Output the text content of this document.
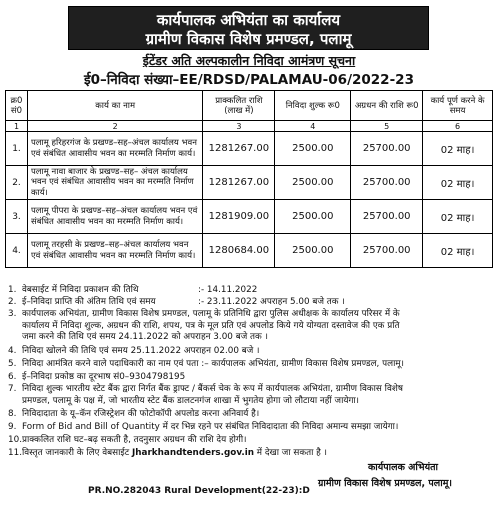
कार्यपालक अभियंता का कार्यालय
ग्रामीण विकास विशेष प्रमण्डल, पलामू
ईटेंडर अति अल्पकालीन निविदा आमंत्रण सूचना
ई0–निविदा संख्या–EE/RDSD/PALAMAU-06/2022-23
क्र0 सं0	कार्य का नाम	प्राक्कलित राशि (लाख में)	निविदा शुल्क रू0	अग्रधन की राशि रू0	कार्य पूर्ण करने के समय
1	2	3	4	5	6
1.	पलामू हरिहरगंज के प्रखण्ड–सह–अंचल कार्यालय भवन एवं संबंधित आवासीय भवन का मरम्मति निर्माण कार्य।	1281267.00	2500.00	25700.00	02 माह।
2.	पलामू नावा बाजार के प्रखण्ड–सह– अंचल कार्यालय भवन एवं संबंधित आवासीय भवन का मरम्मति निर्माण कार्य।	1281267.00	2500.00	25700.00	02 माह।
3.	पलामू पीपरा के प्रखण्ड–सह–अंचल कार्यालय भवन एवं संबंधित आवासीय भवन का मरम्मति निर्माण कार्य।	1281909.00	2500.00	25700.00	02 माह।
4.	पलामू तरहसी के प्रखण्ड–सह–अंचल कार्यालय भवन एवं संबंधित आवासीय भवन का मरम्मति निर्माण कार्य।	1280684.00	2500.00	25700.00	02 माह।
1. वेबसाईट में निविदा प्रकाशन की तिथि	:- 14.11.2022
2. ई–निविदा प्राप्ति की अंतिम तिथि एवं समय	:- 23.11.2022 अपराहन 5.00 बजे तक ।
3. कार्यपालक अभियंता, ग्रामीण विकास विशेष प्रमण्डल, पलामू के प्रतिनिधि द्वारा पुलिस अधीक्षक के कार्यालय परिसर में के
कार्यालय में निविदा शुल्क, अग्रधन की राशि, शपथ, पत्र के मूल प्रति एवं अपलोड किये गये योग्यता दस्तावेज की एक प्रति
जमा करने की तिथि एवं समय 24.11.2022 को अपराहन 3.00 बजे तक ।
4. निविदा खोलने की तिथि एवं समय 25.11.2022 अपराहन 02.00 बजे ।
5. निविदा आमंत्रित करने वाले पदाधिकारी का नाम एवं पता :– कार्यपालक अभियंता, ग्रामीण विकास विशेष प्रमण्डल, पलामू।
6. ई–निविदा प्रकोष्ठ का दूरभाष सं0–9304798195
7. निविदा शुल्क भारतीय स्टेट बैंक द्वारा निर्गत बैंक ड्राफ्ट / बैंकर्स चेक के रूप में कार्यपालक अभियंता, ग्रामीण विकास विशेष
प्रमण्डल, पलामू के पक्ष में, जो भारतीय स्टेट बैंक डालटनगंज शाखा में भुगतेय होगा जो लौटाया नहीं जायेगा।
8. निविदादाता के यू–कॅन रजिस्ट्रेशन की फोटोकॉपी अपलोड करना अनिवार्य है।
9. Form of Bid and Bill of Quantity में दर भिन्न रहने पर संबंधित निविदादाता की निविदा अमान्य समझा जायेगा।
10.प्राक्कलित राशि घट–बढ़ सकती है, तदनुसार अग्रधन की राशि देय होगी।
11.विस्तृत जानकारी के लिए वेबसाईट Jharkhandtenders.gov.in में देखा जा सकता है ।
कार्यपालक अभियंता
ग्रामीण विकास विशेष प्रमण्डल, पलामू।
PR.NO.282043 Rural Development(22-23):D
